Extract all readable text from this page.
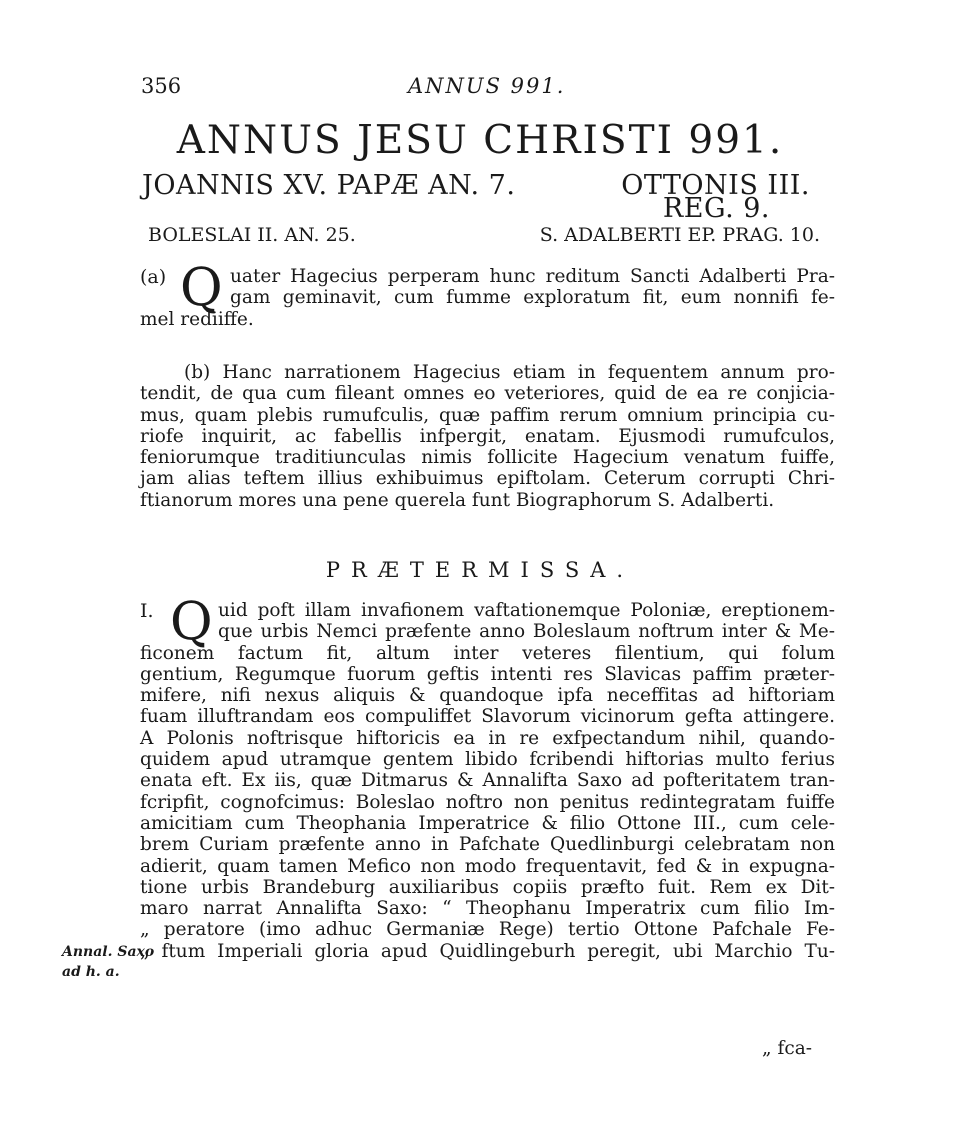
356	ANNUS 991.
ANNUS JESU CHRISTI 991.
JOANNIS XV. PAPÆ AN. 7.	OTTONIS III.
REG. 9.
BOLESLAI II. AN. 25.	S. ADALBERTI EP. PRAG. 10.
(a) Q uater Hagecius perperam hunc reditum Sancti Adalberti Pra-
gam geminavit, cum fumme exploratum fit, eum nonnifi fe-
mel rediiffe.
(b) Hanc narrationem Hagecius etiam in fequentem annum pro-
tendit, de qua cum fileant omnes eo veteriores, quid de ea re conjicia-
mus, quam plebis rumufculis, quæ paffim rerum omnium principia cu-
riofe inquirit, ac fabellis infpergit, enatam. Ejusmodi rumufculos,
feniorumque traditiunculas nimis follicite Hagecium venatum fuiffe,
jam alias teftem illius exhibuimus epiftolam. Ceterum corrupti Chri-
ftianorum mores una pene querela funt Biographorum S. Adalberti.
PRÆTERMISSA.
I. Q uid poft illam invafionem vaftationemque Poloniæ, ereptionem-
que urbis Nemci præfente anno Boleslaum noftrum inter & Me-
ficonem factum fit, altum inter veteres filentium, qui folum
gentium, Regumque fuorum geftis intenti res Slavicas paffim præter-
mifere, nifi nexus aliquis & quandoque ipfa neceffitas ad hiftoriam
fuam illuftrandam eos compuliffet Slavorum vicinorum gefta attingere.
A Polonis noftrisque hiftoricis ea in re exfpectandum nihil, quando-
quidem apud utramque gentem libido fcribendi hiftorias multo ferius
enata eft. Ex iis, quæ Ditmarus & Annalifta Saxo ad pofteritatem tran-
fcripfit, cognofcimus: Boleslao noftro non penitus redintegratam fuiffe
amicitiam cum Theophania Imperatrice & filio Ottone III., cum cele-
brem Curiam præfente anno in Pafchate Quedlinburgi celebratam non
adierit, quam tamen Mefico non modo frequentavit, fed & in expugna-
tione urbis Brandeburg auxiliaribus copiis præfto fuit. Rem ex Dit-
maro narrat Annalifta Saxo: “ Theophanu Imperatrix cum filio Im-
„ peratore (imo adhuc Germaniæ Rege) tertio Ottone Pafchale Fe-
„ ftum Imperiali gloria apud Quidlingeburh peregit, ubi Marchio Tu-
Annal. Saxo
ad h. a.
„ fca-
